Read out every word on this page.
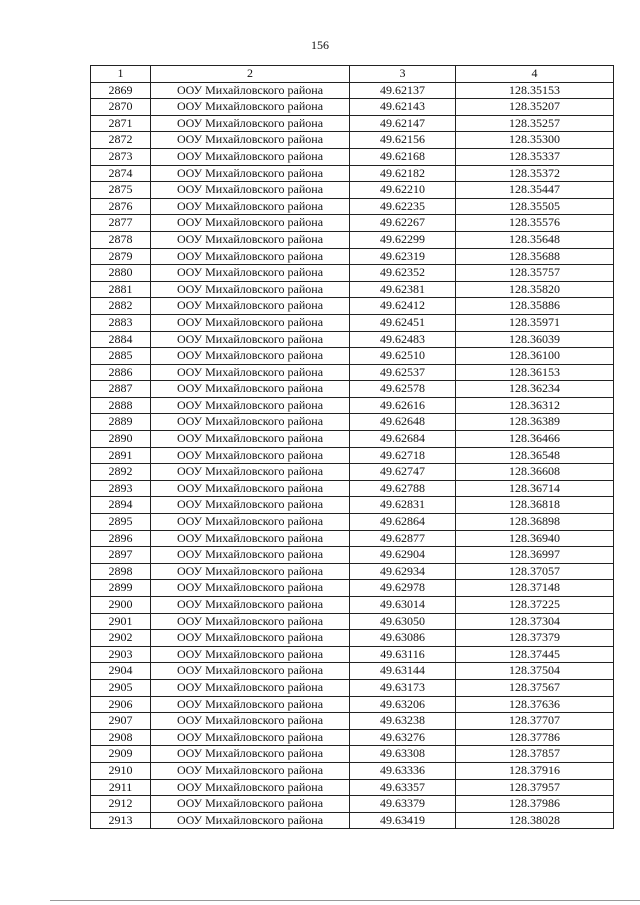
156
1	2	3	4
2869	ООУ Михайловского района	49.62137	128.35153
2870	ООУ Михайловского района	49.62143	128.35207
2871	ООУ Михайловского района	49.62147	128.35257
2872	ООУ Михайловского района	49.62156	128.35300
2873	ООУ Михайловского района	49.62168	128.35337
2874	ООУ Михайловского района	49.62182	128.35372
2875	ООУ Михайловского района	49.62210	128.35447
2876	ООУ Михайловского района	49.62235	128.35505
2877	ООУ Михайловского района	49.62267	128.35576
2878	ООУ Михайловского района	49.62299	128.35648
2879	ООУ Михайловского района	49.62319	128.35688
2880	ООУ Михайловского района	49.62352	128.35757
2881	ООУ Михайловского района	49.62381	128.35820
2882	ООУ Михайловского района	49.62412	128.35886
2883	ООУ Михайловского района	49.62451	128.35971
2884	ООУ Михайловского района	49.62483	128.36039
2885	ООУ Михайловского района	49.62510	128.36100
2886	ООУ Михайловского района	49.62537	128.36153
2887	ООУ Михайловского района	49.62578	128.36234
2888	ООУ Михайловского района	49.62616	128.36312
2889	ООУ Михайловского района	49.62648	128.36389
2890	ООУ Михайловского района	49.62684	128.36466
2891	ООУ Михайловского района	49.62718	128.36548
2892	ООУ Михайловского района	49.62747	128.36608
2893	ООУ Михайловского района	49.62788	128.36714
2894	ООУ Михайловского района	49.62831	128.36818
2895	ООУ Михайловского района	49.62864	128.36898
2896	ООУ Михайловского района	49.62877	128.36940
2897	ООУ Михайловского района	49.62904	128.36997
2898	ООУ Михайловского района	49.62934	128.37057
2899	ООУ Михайловского района	49.62978	128.37148
2900	ООУ Михайловского района	49.63014	128.37225
2901	ООУ Михайловского района	49.63050	128.37304
2902	ООУ Михайловского района	49.63086	128.37379
2903	ООУ Михайловского района	49.63116	128.37445
2904	ООУ Михайловского района	49.63144	128.37504
2905	ООУ Михайловского района	49.63173	128.37567
2906	ООУ Михайловского района	49.63206	128.37636
2907	ООУ Михайловского района	49.63238	128.37707
2908	ООУ Михайловского района	49.63276	128.37786
2909	ООУ Михайловского района	49.63308	128.37857
2910	ООУ Михайловского района	49.63336	128.37916
2911	ООУ Михайловского района	49.63357	128.37957
2912	ООУ Михайловского района	49.63379	128.37986
2913	ООУ Михайловского района	49.63419	128.38028
